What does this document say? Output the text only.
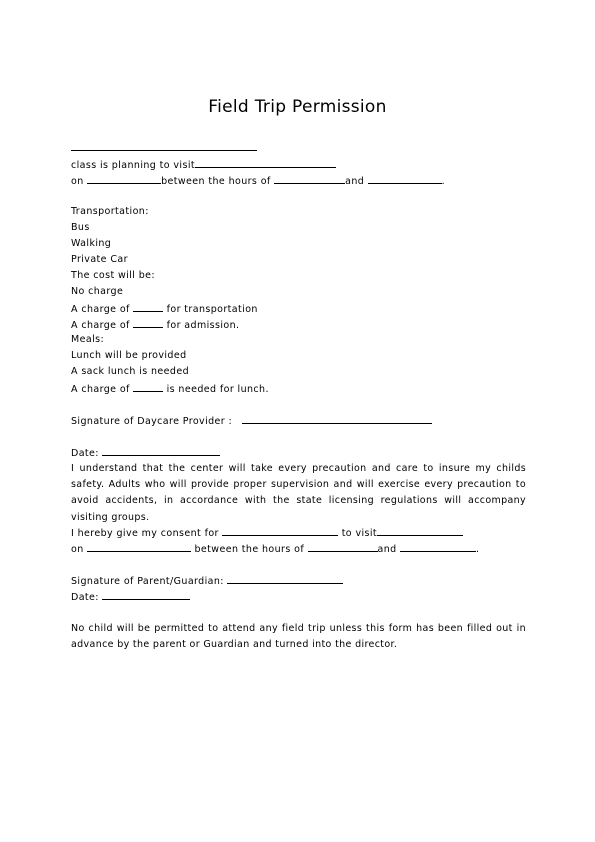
Field Trip Permission
class is planning to visit
on	between the hours of	and	.
Transportation:
Bus
Walking
Private Car
The cost will be:
No charge
A charge of	for transportation
A charge of	for admission.
Meals:
Lunch will be provided
A sack lunch is needed
A charge of	is needed for lunch.
Signature of Daycare Provider :
Date:
I understand that the center will take every precaution and care to insure my childs safety. Adults who will provide proper supervision and will exercise every precaution to avoid accidents, in accordance with the state licensing regulations will accompany visiting groups.
I hereby give my consent for	to visit
on	between the hours of	and	.
Signature of Parent/Guardian:
Date:
No child will be permitted to attend any field trip unless this form has been filled out in advance by the parent or Guardian and turned into the director.
